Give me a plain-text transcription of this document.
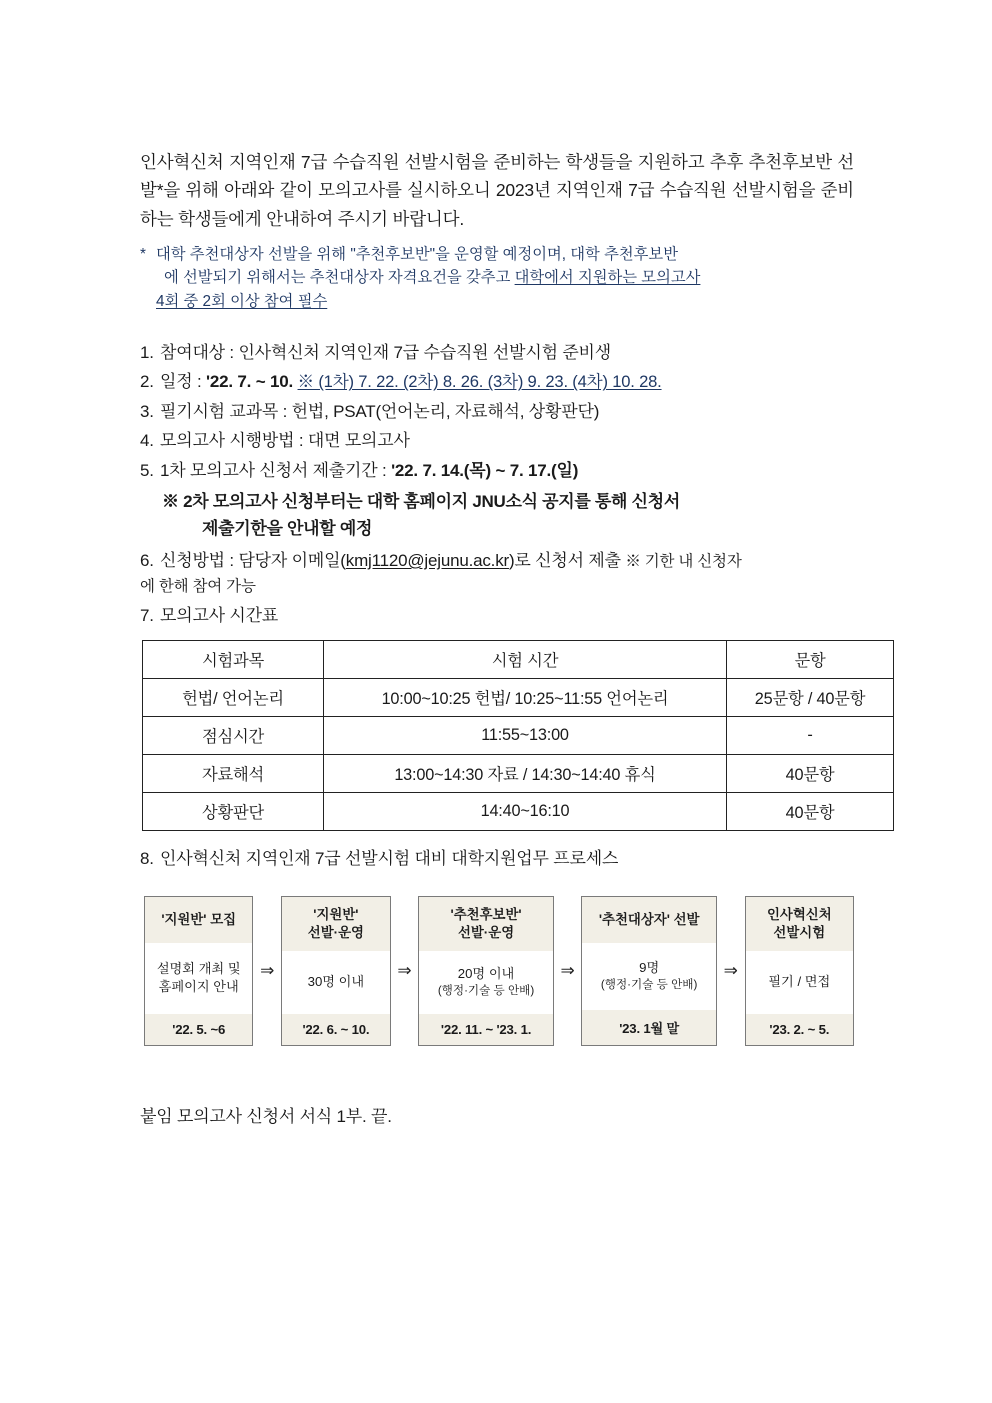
인사혁신처 지역인재 7급 수습직원 선발시험을 준비하는 학생들을 지원하고 추후 추천후보반 선발*을 위해 아래와 같이 모의고사를 실시하오니 2023년 지역인재 7급 수습직원 선발시험을 준비하는 학생들에게 안내하여 주시기 바랍니다.

* 대학 추천대상자 선발을 위해 "추천후보반"을 운영할 예정이며, 대학 추천후보반
에 선발되기 위해서는 추천대상자 자격요건을 갖추고 대학에서 지원하는 모의고사
4회 중 2회 이상 참여 필수
1. 참여대상 : 인사혁신처 지역인재 7급 수습직원 선발시험 준비생
2. 일정 : '22. 7. ~ 10. ※ (1차) 7. 22. (2차) 8. 26. (3차) 9. 23. (4차) 10. 28.
3. 필기시험 교과목 : 헌법, PSAT(언어논리, 자료해석, 상황판단)
4. 모의고사 시행방법 : 대면 모의고사
5. 1차 모의고사 신청서 제출기간 : '22. 7. 14.(목) ~ 7. 17.(일)
※ 2차 모의고사 신청부터는 대학 홈페이지 JNU소식 공지를 통해 신청서
제출기한을 안내할 예정
6. 신청방법 : 담당자 이메일(kmj1120@jejunu.ac.kr)로 신청서 제출 ※ 기한 내 신청자
에 한해 참여 가능
7. 모의고사 시간표
시험과목	시험 시간	문항
헌법/ 언어논리	10:00~10:25 헌법/ 10:25~11:55 언어논리	25문항 / 40문항
점심시간	11:55~13:00	-
자료해석	13:00~14:30 자료 / 14:30~14:40 휴식	40문항
상황판단	14:40~16:10	40문항
8. 인사혁신처 지역인재 7급 선발시험 대비 대학지원업무 프로세스
'지원반' 모집
설명회 개최 및
홈페이지 안내
'22. 5. ~6
⇒
'지원반'
선발·운영
30명 이내
'22. 6. ~ 10.
⇒
'추천후보반'
선발·운영
20명 이내
(행정·기술 등 안배)
'22. 11. ~ '23. 1.
⇒
'추천대상자' 선발
9명
(행정·기술 등 안배)
'23. 1월 말
⇒
인사혁신처
선발시험
필기 / 면접
'23. 2. ~ 5.
붙임 모의고사 신청서 서식 1부. 끝.
